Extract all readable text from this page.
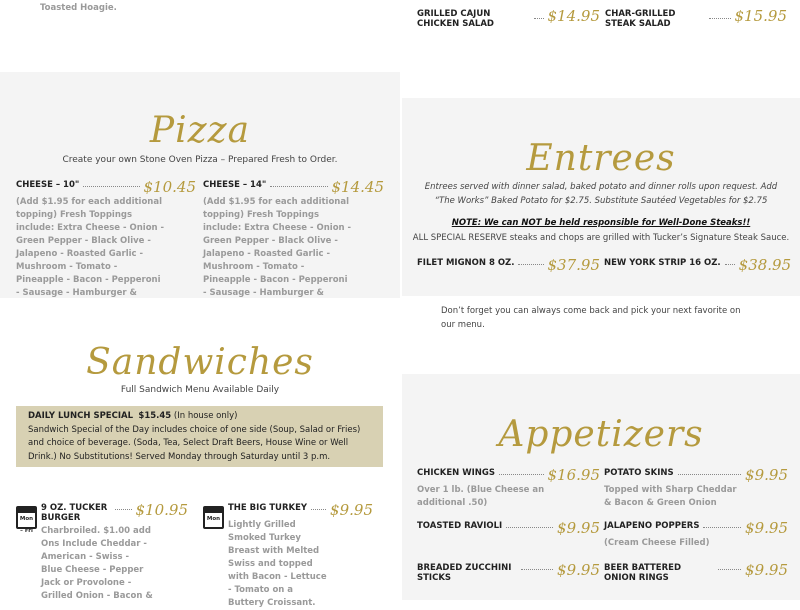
Toasted Hoagie.
GRILLED CAJUN CHICKEN SALAD	$14.95 CHAR-GRILLED STEAK SALAD	$15.95
Pizza
Create your own Stone Oven Pizza – Prepared Fresh to Order.
CHEESE – 10"	$10.45
(Add $1.95 for each additional topping) Fresh Toppings include: Extra Cheese - Onion - Green Pepper - Black Olive - Jalapeno - Roasted Garlic - Mushroom - Tomato - Pineapple - Bacon - Pepperoni - Sausage - Hamburger &
CHEESE – 14"	$14.45
(Add $1.95 for each additional topping) Fresh Toppings include: Extra Cheese - Onion - Green Pepper - Black Olive - Jalapeno - Roasted Garlic - Mushroom - Tomato - Pineapple - Bacon - Pepperoni - Sausage - Hamburger &
Entrees
Entrees served with dinner salad, baked potato and dinner rolls upon request. Add “The Works” Baked Potato for $2.75. Substitute Sautéed Vegetables for $2.75
NOTE: We can NOT be held responsible for Well-Done Steaks!!
ALL SPECIAL RESERVE steaks and chops are grilled with Tucker’s Signature Steak Sauce.
FILET MIGNON 8 OZ. $37.95 NEW YORK STRIP 16 OZ. $38.95
Don’t forget you can always come back and pick your next favorite on our menu.
Sandwiches
Full Sandwich Menu Available Daily
DAILY LUNCH SPECIAL $15.45 (In house only)
Sandwich Special of the Day includes choice of one side (Soup, Salad or Fries) and choice of beverage. (Soda, Tea, Select Draft Beers, House Wine or Well Drink.) No Substitutions! Served Monday through Saturday until 3 p.m.
Mon – Fri
9 OZ. TUCKER BURGER	$10.95
Charbroiled. $1.00 add Ons Include Cheddar - American - Swiss - Blue Cheese - Pepper Jack or Provolone - Grilled Onion - Bacon &
Mon
THE BIG TURKEY $9.95
Lightly Grilled Smoked Turkey Breast with Melted Swiss and topped with Bacon - Lettuce - Tomato on a Buttery Croissant.
Appetizers
CHICKEN WINGS	$16.95
Over 1 lb. (Blue Cheese an additional .50)
POTATO SKINS	$9.95
Topped with Sharp Cheddar & Bacon & Green Onion
TOASTED RAVIOLI	$9.95 JALAPENO POPPERS	$9.95
(Cream Cheese Filled)
BREADED ZUCCHINI STICKS	$9.95 BEER BATTERED ONION RINGS	$9.95
